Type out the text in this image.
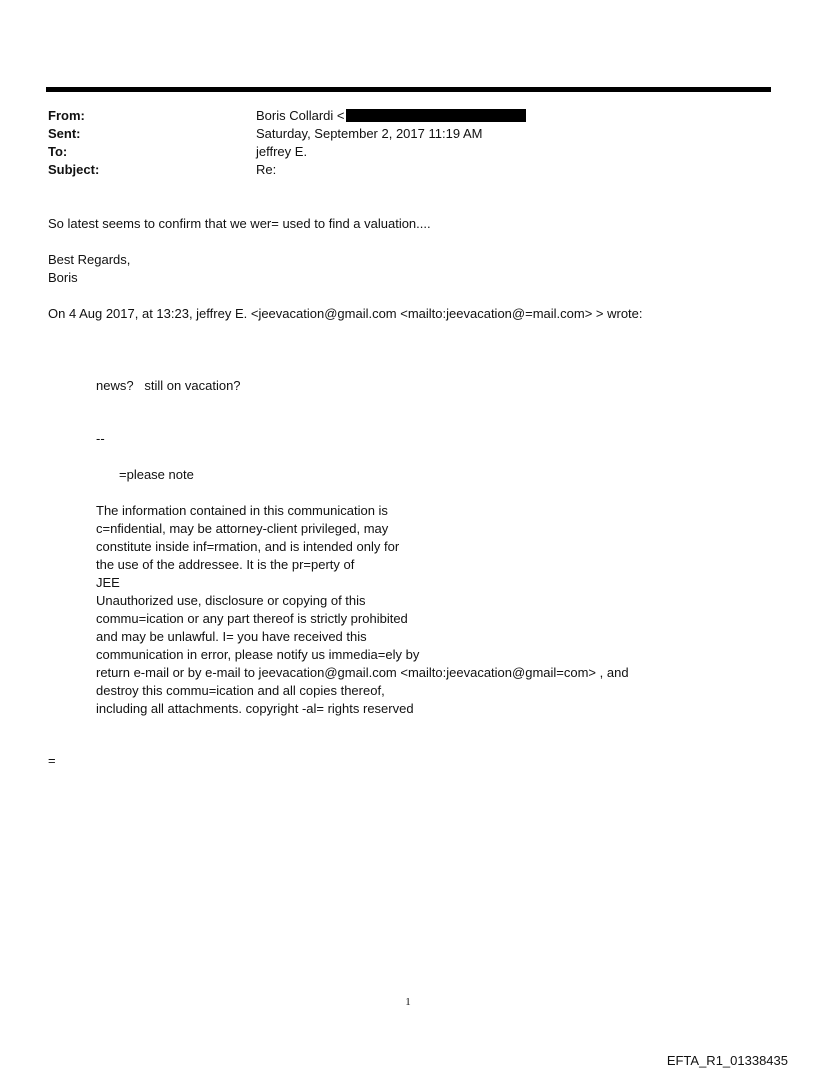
From:	Boris Collardi <
Sent:	Saturday, September 2, 2017 11:19 AM
To:	jeffrey E.
Subject:	Re:
So latest seems to confirm that we wer= used to find a valuation....
Best Regards,
Boris
On 4 Aug 2017, at 13:23, jeffrey E. <jeevacation@gmail.com <mailto:jeevacation@=mail.com> > wrote:
news?   still on vacation?
--
=please note
The information contained in this communication is
c=nfidential, may be attorney-client privileged, may
constitute inside inf=rmation, and is intended only for
the use of the addressee. It is the pr=perty of
JEE
Unauthorized use, disclosure or copying of this
commu=ication or any part thereof is strictly prohibited
and may be unlawful. I= you have received this
communication in error, please notify us immedia=ely by
return e-mail or by e-mail to jeevacation@gmail.com <mailto:jeevacation@gmail=com> , and
destroy this commu=ication and all copies thereof,
including all attachments. copyright -al= rights reserved
=
1
EFTA_R1_01338435
